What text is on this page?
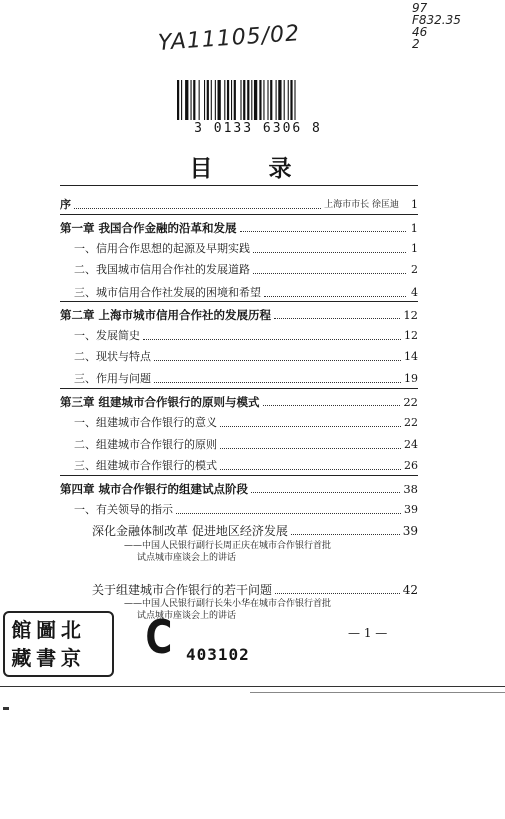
97
F832.35
46
2
YA11105/02
3 0133 6306 8
目 录
序	上海市市长 徐匡迪 1
第一章 我国合作金融的沿革和发展	1
一、信用合作思想的起源及早期实践	1
二、我国城市信用合作社的发展道路	2
三、城市信用合作社发展的困境和希望	4
第二章 上海市城市信用合作社的发展历程	12
一、发展简史	12
二、现状与特点	14
三、作用与问题	19
第三章 组建城市合作银行的原则与模式	22
一、组建城市合作银行的意义	22
二、组建城市合作银行的原则	24
三、组建城市合作银行的模式	26
第四章 城市合作银行的组建试点阶段	38
一、有关领导的指示	39
深化金融体制改革 促进地区经济发展	39
关于组建城市合作银行的若干问题	42
——中国人民银行副行长周正庆在城市合作银行首批
试点城市座谈会上的讲话
——中国人民银行副行长朱小华在城市合作银行首批
试点城市座谈会上的讲话
館 圖 北
藏 書 京 C 403102
— 1 —
